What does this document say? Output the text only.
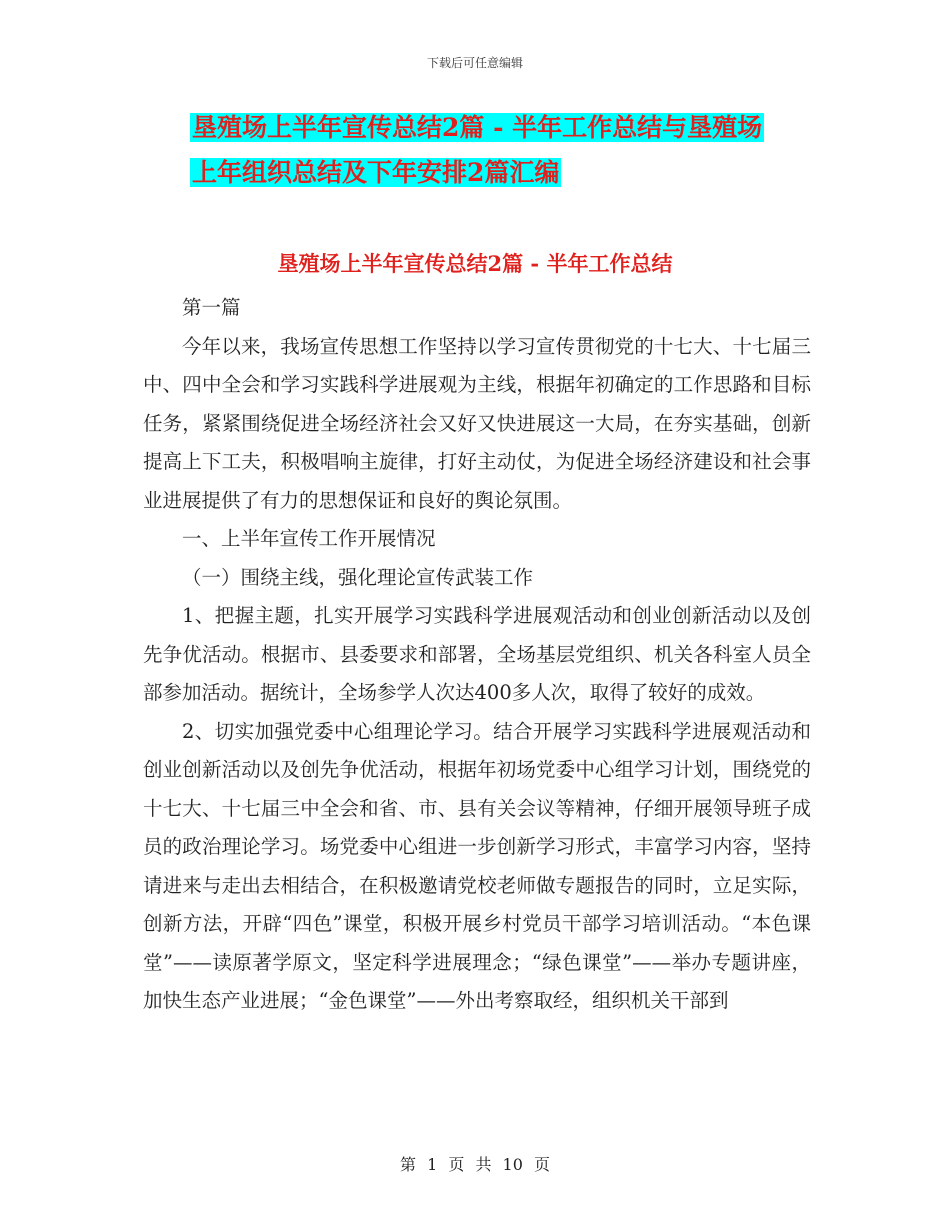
下载后可任意编辑
垦殖场上半年宣传总结2篇 - 半年工作总结与垦殖场
上年组织总结及下年安排2篇汇编
垦殖场上半年宣传总结2篇 - 半年工作总结

第一篇

今年以来，我场宣传思想工作坚持以学习宣传贯彻党的十七大、十七届三中、四中全会和学习实践科学进展观为主线，根据年初确定的工作思路和目标任务，紧紧围绕促进全场经济社会又好又快进展这一大局，在夯实基础，创新提高上下工夫，积极唱响主旋律，打好主动仗，为促进全场经济建设和社会事业进展提供了有力的思想保证和良好的舆论氛围。

一、上半年宣传工作开展情况

（一）围绕主线，强化理论宣传武装工作

1、把握主题，扎实开展学习实践科学进展观活动和创业创新活动以及创先争优活动。根据市、县委要求和部署，全场基层党组织、机关各科室人员全部参加活动。据统计，全场参学人次达400多人次，取得了较好的成效。

2、切实加强党委中心组理论学习。结合开展学习实践科学进展观活动和创业创新活动以及创先争优活动，根据年初场党委中心组学习计划，围绕党的十七大、十七届三中全会和省、市、县有关会议等精神，仔细开展领导班子成员的政治理论学习。场党委中心组进一步创新学习形式，丰富学习内容，坚持请进来与走出去相结合，在积极邀请党校老师做专题报告的同时，立足实际，创新方法，开辟“四色”课堂，积极开展乡村党员干部学习培训活动。“本色课堂”——读原著学原文，坚定科学进展理念；“绿色课堂”——举办专题讲座，加快生态产业进展；“金色课堂”——外出考察取经，组织机关干部到

第 1 页 共 10 页
